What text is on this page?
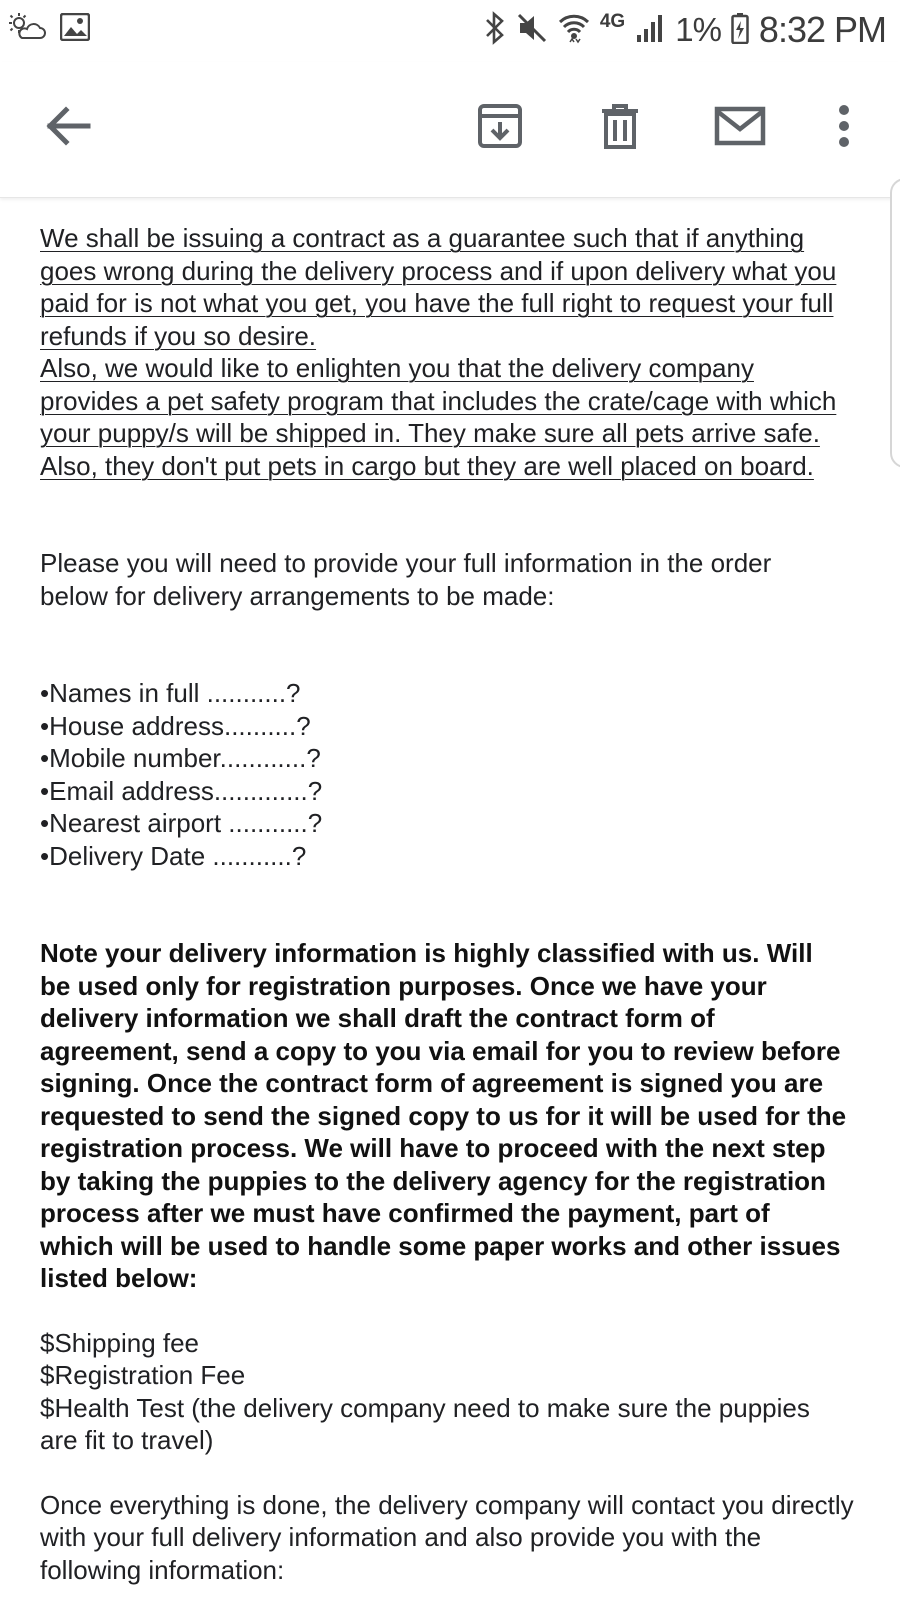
4G 1% 8:32 PM
We shall be issuing a contract as a guarantee such that if anything goes wrong during the delivery process and if upon delivery what you paid for is not what you get, you have the full right to request your full refunds if you so desire.
Also, we would like to enlighten you that the delivery company provides a pet safety program that includes the crate/cage with which your puppy/s will be shipped in. They make sure all pets arrive safe. Also, they don't put pets in cargo but they are well placed on board.
Please you will need to provide your full information in the order below for delivery arrangements to be made:
•Names in full ...........?
•House address..........?
•Mobile number............?
•Email address.............?
•Nearest airport ...........?
•Delivery Date ...........?
Note your delivery information is highly classified with us. Will be used only for registration purposes. Once we have your delivery information we shall draft the contract form of agreement, send a copy to you via email for you to review before signing. Once the contract form of agreement is signed you are requested to send the signed copy to us for it will be used for the registration process. We will have to proceed with the next step by taking the puppies to the delivery agency for the registration process after we must have confirmed the payment, part of which will be used to handle some paper works and other issues listed below:
$Shipping fee
$Registration Fee
$Health Test (the delivery company need to make sure the puppies are fit to travel)
Once everything is done, the delivery company will contact you directly with your full delivery information and also provide you with the following information:
